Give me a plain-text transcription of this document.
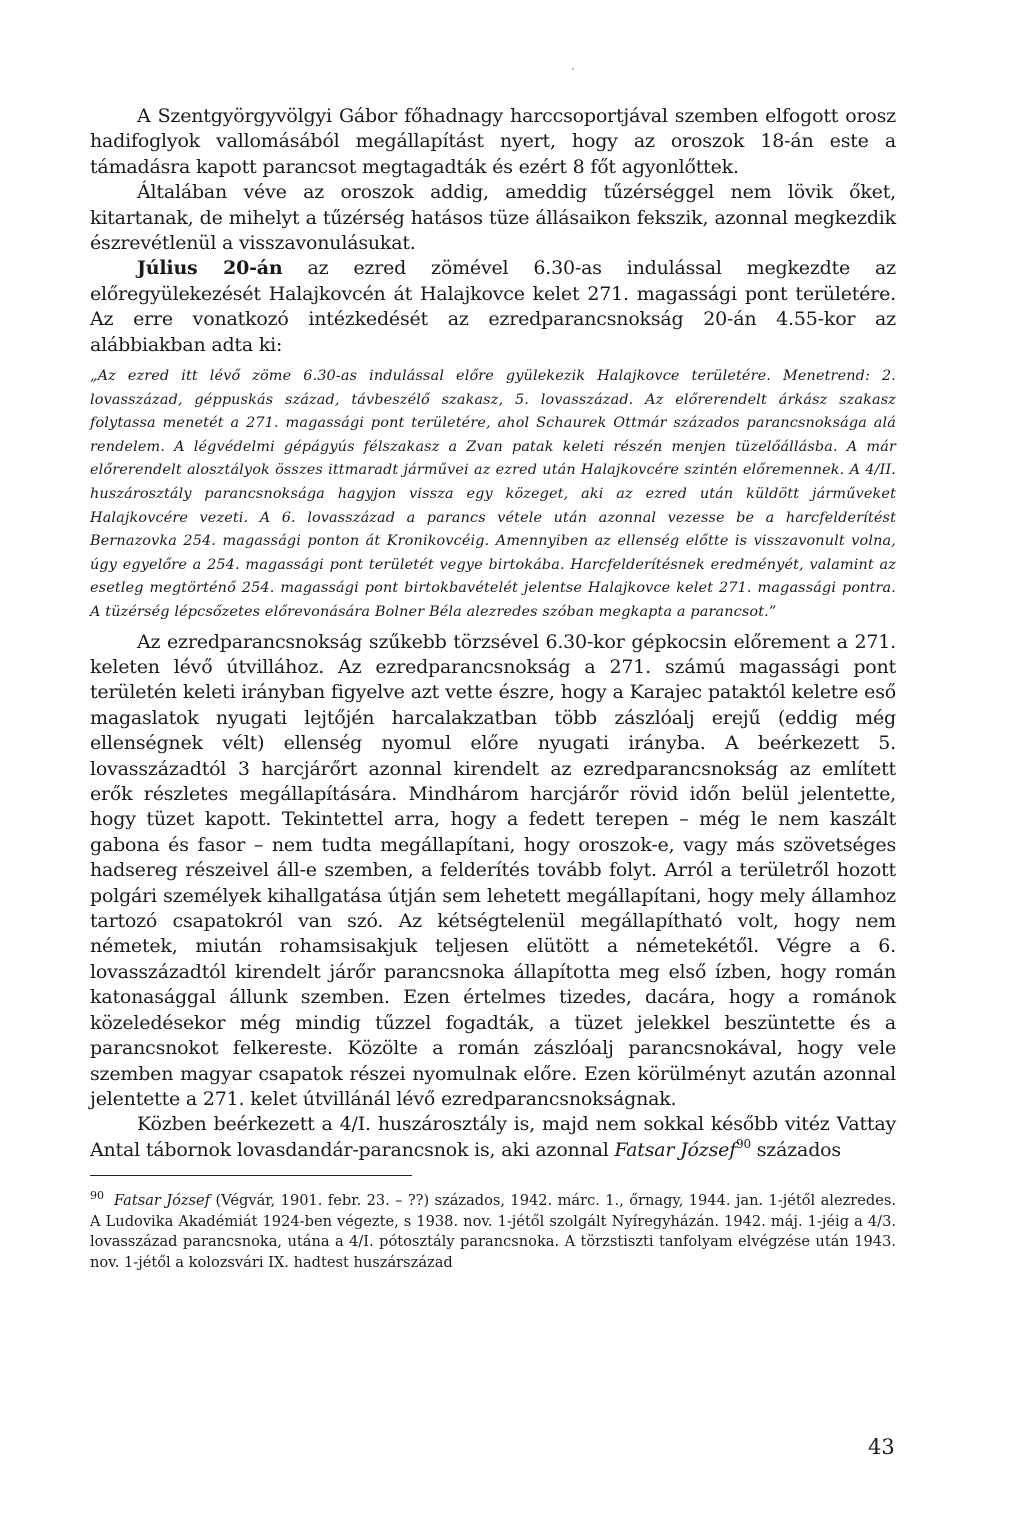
A Szentgyörgyvölgyi Gábor főhadnagy harccsoportjával szemben elfogott orosz hadifoglyok vallomásából megállapítást nyert, hogy az oroszok 18-án este a támadásra kapott parancsot megtagadták és ezért 8 főt agyonlőttek.

Általában véve az oroszok addig, ameddig tűzérséggel nem lövik őket, kitartanak, de mihelyt a tűzérség hatásos tüze állásaikon fekszik, azonnal megkezdik észrevétlenül a visszavonulásukat.

Július 20-án az ezred zömével 6.30-as indulással megkezdte az előregyülekezését Halajkovcén át Halajkovce kelet 271. magassági pont területére. Az erre vonatkozó intézkedését az ezredparancsnokság 20-án 4.55-kor az alábbiakban adta ki:

„Az ezred itt lévő zöme 6.30-as indulással előre gyülekezik Halajkovce területére. Menetrend: 2. lovasszázad, géppuskás század, távbeszélő szakasz, 5. lovasszázad. Az előrerendelt árkász szakasz folytassa menetét a 271. magassági pont területére, ahol Schaurek Ottmár százados parancsnoksága alá rendelem. A légvédelmi gépágyús félszakasz a Zvan patak keleti részén menjen tüzelőállásba. A már előrerendelt alosztályok összes ittmaradt járművei az ezred után Halajkovcére szintén előremennek. A 4/II. huszárosztály parancsnoksága hagyjon vissza egy közeget, aki az ezred után küldött járműveket Halajkovcére vezeti. A 6. lovasszázad a parancs vétele után azonnal vezesse be a harcfelderítést Bernazovka 254. magassági ponton át Kronikovcéig. Amennyiben az ellenség előtte is visszavonult volna, úgy egyelőre a 254. magassági pont területét vegye birtokába. Harcfelderítésnek eredményét, valamint az esetleg megtörténő 254. magassági pont birtokbavételét jelentse Halajkovce kelet 271. magassági pontra. A tüzérség lépcsőzetes előrevonására Bolner Béla alezredes szóban megkapta a parancsot.”

Az ezredparancsnokság szűkebb törzsével 6.30-kor gépkocsin előrement a 271. keleten lévő útvillához. Az ezredparancsnokság a 271. számú magassági pont területén keleti irányban figyelve azt vette észre, hogy a Karajec pataktól keletre eső magaslatok nyugati lejtőjén harcalakzatban több zászlóalj erejű (eddig még ellenségnek vélt) ellenség nyomul előre nyugati irányba. A beérkezett 5. lovasszázadtól 3 harcjárőrt azonnal kirendelt az ezredparancsnokság az említett erők részletes megállapítására. Mindhárom harcjárőr rövid időn belül jelentette, hogy tüzet kapott. Tekintettel arra, hogy a fedett terepen – még le nem kaszált gabona és fasor – nem tudta megállapítani, hogy oroszok-e, vagy más szövetséges hadsereg részeivel áll-e szemben, a felderítés tovább folyt. Arról a területről hozott polgári személyek kihallgatása útján sem lehetett megállapítani, hogy mely államhoz tartozó csapatokról van szó. Az kétségtelenül megállapítható volt, hogy nem németek, miután rohamsisakjuk teljesen elütött a németekétől. Végre a 6. lovasszázadtól kirendelt járőr parancsnoka állapította meg első ízben, hogy román katonasággal állunk szemben. Ezen értelmes tizedes, dacára, hogy a románok közeledésekor még mindig tűzzel fogadták, a tüzet jelekkel beszüntette és a parancsnokot felkereste. Közölte a román zászlóalj parancsnokával, hogy vele szemben magyar csapatok részei nyomulnak előre. Ezen körülményt azután azonnal jelentette a 271. kelet útvillánál lévő ezredparancsnokságnak.

Közben beérkezett a 4/I. huszárosztály is, majd nem sokkal később vitéz Vattay Antal tábornok lovasdandár-parancsnok is, aki azonnal Fatsar József$^{90}$ százados

$^{90}$ Fatsar József (Végvár, 1901. febr. 23. – ??) százados, 1942. márc. 1., őrnagy, 1944. jan. 1-jétől alezredes. A Ludovika Akadémiát 1924-ben végezte, s 1938. nov. 1-jétől szolgált Nyíregyházán. 1942. máj. 1-jéig a 4/3. lovasszázad parancsnoka, utána a 4/I. pótosztály parancsnoka. A törzstiszti tanfolyam elvégzése után 1943. nov. 1-jétől a kolozsvári IX. hadtest huszárszázad

43
